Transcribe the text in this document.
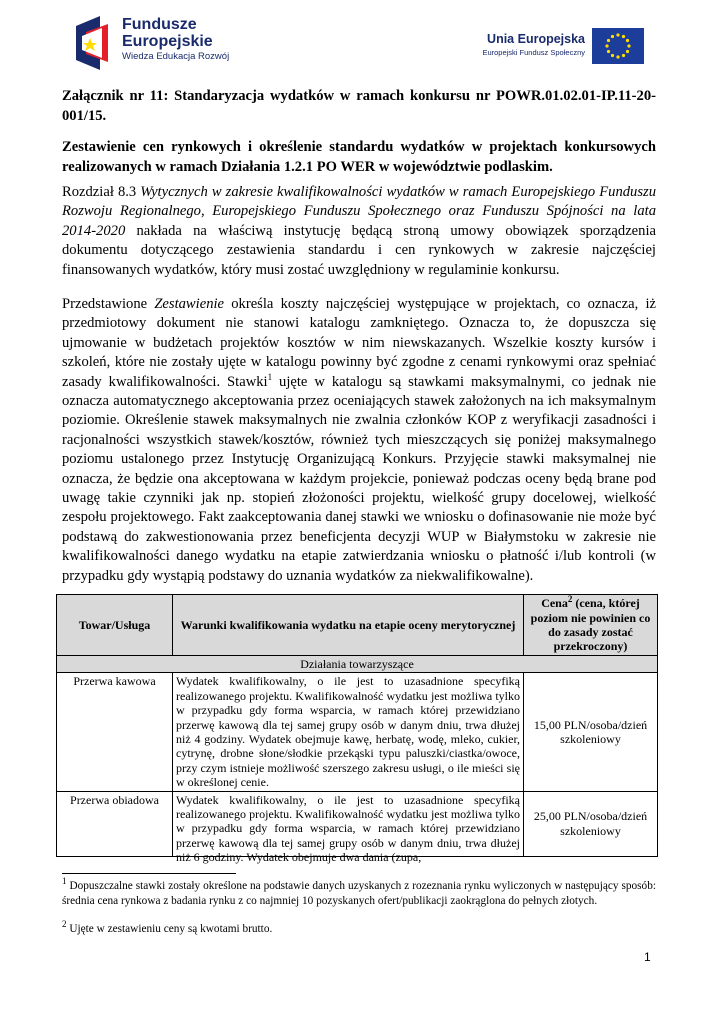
Fundusze
Europejskie
Wiedza Edukacja Rozwój
Unia Europejska
Europejski Fundusz Społeczny
Załącznik nr 11: Standaryzacja wydatków w ramach konkursu nr POWR.01.02.01-IP.11-20-001/15.
Zestawienie cen rynkowych i określenie standardu wydatków w projektach konkursowych realizowanych w ramach Działania 1.2.1 PO WER w województwie podlaskim.
Rozdział 8.3 Wytycznych w zakresie kwalifikowalności wydatków w ramach Europejskiego Funduszu Rozwoju Regionalnego, Europejskiego Funduszu Społecznego oraz Funduszu Spójności na lata 2014-2020 nakłada na właściwą instytucję będącą stroną umowy obowiązek sporządzenia dokumentu dotyczącego zestawienia standardu i cen rynkowych w zakresie najczęściej finansowanych wydatków, który musi zostać uwzględniony w regulaminie konkursu.
Przedstawione Zestawienie określa koszty najczęściej występujące w projektach, co oznacza, iż przedmiotowy dokument nie stanowi katalogu zamkniętego. Oznacza to, że dopuszcza się ujmowanie w budżetach projektów kosztów w nim niewskazanych. Wszelkie koszty kursów i szkoleń, które nie zostały ujęte w katalogu powinny być zgodne z cenami rynkowymi oraz spełniać zasady kwalifikowalności. Stawki$^1$ ujęte w katalogu są stawkami maksymalnymi, co jednak nie oznacza automatycznego akceptowania przez oceniających stawek założonych na ich maksymalnym poziomie. Określenie stawek maksymalnych nie zwalnia członków KOP z weryfikacji zasadności i racjonalności wszystkich stawek/kosztów, również tych mieszczących się poniżej maksymalnego poziomu ustalonego przez Instytucję Organizującą Konkurs. Przyjęcie stawki maksymalnej nie oznacza, że będzie ona akceptowana w każdym projekcie, ponieważ podczas oceny będą brane pod uwagę takie czynniki jak np. stopień złożoności projektu, wielkość grupy docelowej, wielkość zespołu projektowego. Fakt zaakceptowania danej stawki we wniosku o dofinasowanie nie może być podstawą do zakwestionowania przez beneficjenta decyzji WUP w Białymstoku w zakresie nie kwalifikowalności danego wydatku na etapie zatwierdzania wniosku o płatność i/lub kontroli (w przypadku gdy wystąpią podstawy do uznania wydatków za niekwalifikowalne).
Towar/Usługa	Warunki kwalifikowania wydatku na etapie oceny merytorycznej	Cena$^2$ (cena, której poziom nie powinien co do zasady zostać przekroczony)
Działania towarzyszące		
Przerwa kawowa	Wydatek kwalifikowalny, o ile jest to uzasadnione specyfiką realizowanego projektu. Kwalifikowalność wydatku jest możliwa tylko w przypadku gdy forma wsparcia, w ramach której przewidziano przerwę kawową dla tej samej grupy osób w danym dniu, trwa dłużej niż 4 godziny. Wydatek obejmuje kawę, herbatę, wodę, mleko, cukier, cytrynę, drobne słone/słodkie przekąski typu paluszki/ciastka/owoce, przy czym istnieje możliwość szerszego zakresu usługi, o ile mieści się w określonej cenie.	15,00 PLN/osoba/dzień szkoleniowy
Przerwa obiadowa	Wydatek kwalifikowalny, o ile jest to uzasadnione specyfiką realizowanego projektu. Kwalifikowalność wydatku jest możliwa tylko w przypadku gdy forma wsparcia, w ramach której przewidziano przerwę kawową dla tej samej grupy osób w danym dniu, trwa dłużej niż 6 godziny. Wydatek obejmuje dwa dania (zupa,	25,00 PLN/osoba/dzień szkoleniowy
$^1$ Dopuszczalne stawki zostały określone na podstawie danych uzyskanych z rozeznania rynku wyliczonych w następujący sposób: średnia cena rynkowa z badania rynku z co najmniej 10 pozyskanych ofert/publikacji zaokrąglona do pełnych złotych.
$^2$ Ujęte w zestawieniu ceny są kwotami brutto.
1
